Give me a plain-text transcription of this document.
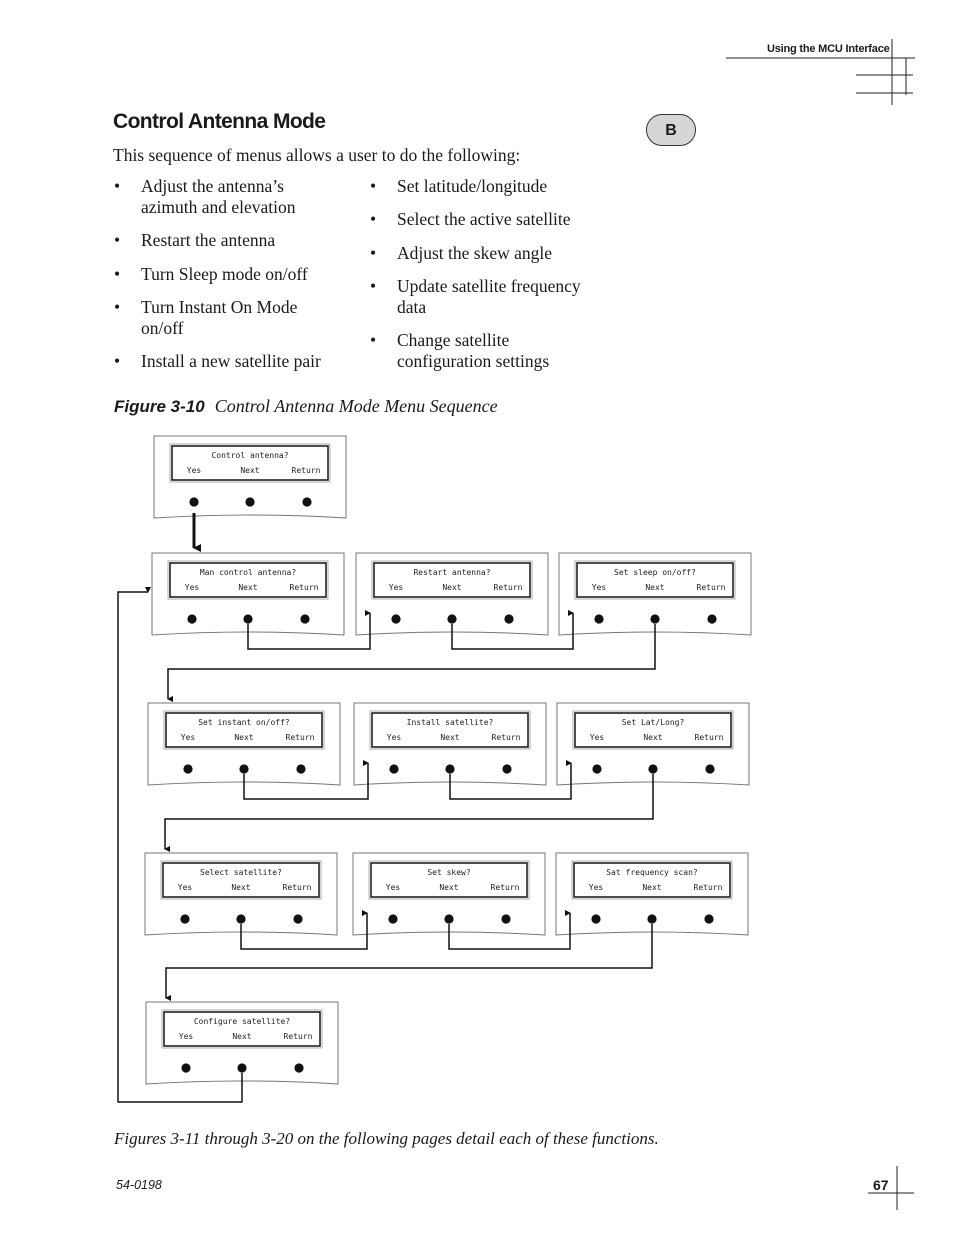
Using the MCU Interface
Control Antenna Mode	B
This sequence of menus allows a user to do the following:
• Adjust the antenna’s
azimuth and elevation
• Restart the antenna
• Turn Sleep mode on/off
• Turn Instant On Mode
on/off
• Install a new satellite pair
• Set latitude/longitude
• Select the active satellite
• Adjust the skew angle
• Update satellite frequency
data
• Change satellite
configuration settings
Figure 3-10 Control Antenna Mode Menu Sequence
Control antenna?
Yes	Next	Return
Man control antenna?
Yes	Next	Return
Restart antenna?
Yes	Next	Return
Set sleep on/off?
Yes	Next	Return
Set instant on/off?
Yes	Next	Return
Install satellite?
Yes	Next	Return
Set Lat/Long?
Yes	Next	Return
Select satellite?
Yes	Next	Return
Set skew?
Yes	Next	Return
Sat frequency scan?
Yes	Next	Return
Configure satellite?
Yes	Next	Return
Figures 3-11 through 3-20 on the following pages detail each of these functions.
54-0198	67
